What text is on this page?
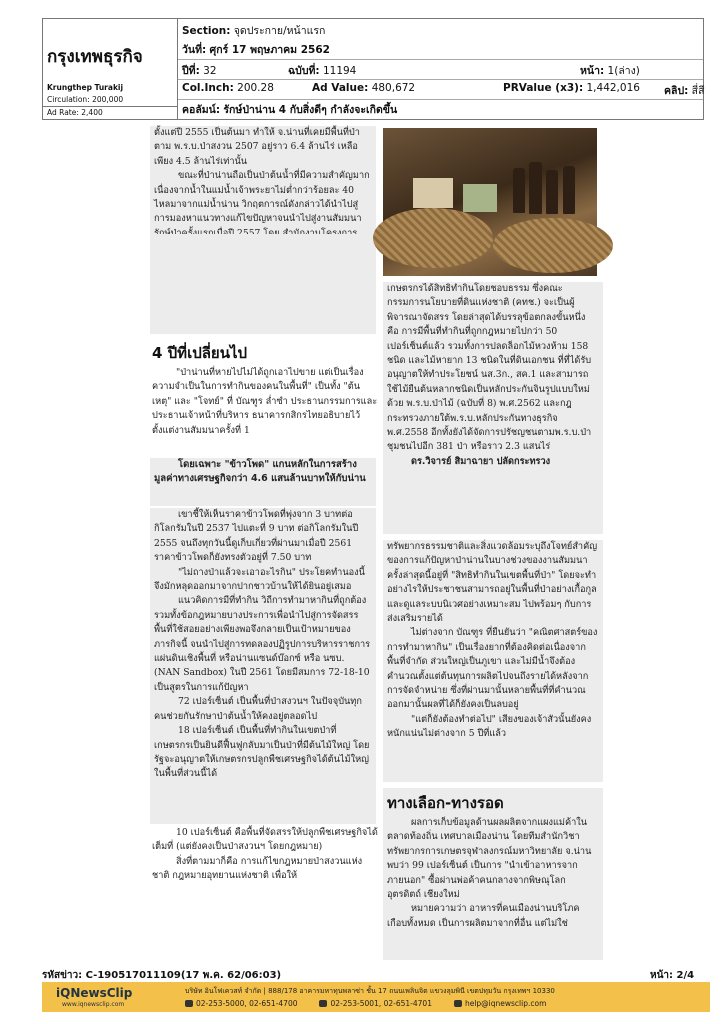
กรุงเทพธุรกิจ
Krungthep Turakij
Circulation: 200,000
Ad Rate: 2,400
Section: จุดประกาย/หน้าแรก
วันที่: ศุกร์ 17 พฤษภาคม 2562
ปีที่: 32	ฉบับที่: 11194	หน้า: 1(ล่าง)
Col.Inch: 200.28	Ad Value: 480,672	PRValue (x3): 1,442,016 คลิป: สี่สี
คอลัมน์: รักษ์ป่าน่าน 4 กับสิ่งดีๆ กำลังจะเกิดขึ้น

ตั้งแต่ปี 2555 เป็นต้นมา ทำให้ จ.น่านที่เคยมีพื้นที่ป่าตาม พ.ร.บ.ป่าสงวน 2507 อยู่ราว 6.4 ล้านไร่ เหลือเพียง 4.5 ล้านไร่เท่านั้น

ขณะที่ป่าน่านถือเป็นป่าต้นน้ำที่มีความสำคัญมาก เนื่องจากน้ำในแม่น้ำเจ้าพระยาไม่ต่ำกว่าร้อยละ 40 ไหลมาจากแม่น้ำน่าน วิกฤตการณ์ดังกล่าวได้นำไปสู่การมองหาแนวทางแก้ไขปัญหาจนนำไปสู่งานสัมมนา

4 ปีที่เปลี่ยนไป

"ป่าน่านที่หายไปไม่ได้ถูกเอาไปขาย แต่เป็นเรื่องความจำเป็นในการทำกินของคนในพื้นที่" เป็นทั้ง "ต้นเหตุ" และ "โจทย์" ที่ บัณฑูร ล่ำซำ ประธานกรรมการและประธานเจ้าหน้าที่บริหาร ธนาคารกสิกรไทยอธิบายไว้ตั้งแต่งานสัมมนาครั้งที่ 1

โดยเฉพาะ "ข้าวโพด" แกนหลักในการสร้างมูลค่าทางเศรษฐกิจกว่า 4.6 แสนล้านบาทให้กับน่าน

เขาชี้ให้เห็นราคาข้าวโพดที่พุ่งจาก 3 บาทต่อกิโลกรัมในปี 2537 ไปแตะที่ 9 บาท ต่อกิโลกรัมในปี 2555 จนถึงทุกวันนี้ดูเก็บเกี่ยวที่ผ่านมาเมื่อปี 2561 ราคาข้าวโพดก็ยังทรงตัวอยู่ที่ 7.50 บาท

"ไม่ถางป่าแล้วจะเอาอะไรกิน" ประโยคทำนองนี้จึงมักหลุดออกมาจากปากชาวบ้านให้ได้ยินอยู่เสมอ

แนวคิดการมีที่ทำกิน วิถีการทำมาหากินที่ถูกต้อง รวมทั้งข้อกฎหมายบางประการเพื่อนำไปสู่การจัดสรรพื้นที่ใช้สอยอย่างเพียงพอจึงกลายเป็นเป้าหมายของภารกิจนี้ จนนำไปสู่การทดลองปฏิรูปการบริหารราชการแผ่นดินเชิงพื้นที่ หรือน่านแซนด์บ๊อกซ์ หรือ นซบ. (NAN Sandbox) ในปี 2561 โดยมีสมการ 72-18-10 เป็นสูตรในการแก้ปัญหา

72 เปอร์เซ็นต์ เป็นพื้นที่ป่าสงวนฯ ในปัจจุบันทุกคนช่วยกันรักษาป่าต้นน้ำให้คงอยู่ตลอดไป

18 เปอร์เซ็นต์ เป็นพื้นที่ทำกินในเขตป่าที่เกษตรกรเป็นยินดีฟื้นฟูกลับมาเป็นป่าที่มีต้นไม้ใหญ่ โดยรัฐจะอนุญาตให้เกษตรกรปลูกพืชเศรษฐกิจได้ต้นไม้ใหญ่ในพื้นที่ส่วนนี้ได้

10 เปอร์เซ็นต์ คือพื้นที่จัดสรรให้ปลูกพืชเศรษฐกิจได้เต็มที่ (แต่ยังคงเป็นป่าสงวนฯ โดยกฎหมาย)

สิ่งที่ตามมาก็คือ การแก้ไขกฎหมายป่าสงวนแห่งชาติ กฎหมายอุทยานแห่งชาติ เพื่อให้

เกษตรกรได้สิทธิทำกินโดยชอบธรรม ซึ่งคณะกรรมการนโยบายที่ดินแห่งชาติ (คทช.) จะเป็นผู้พิจารณาจัดสรร โดยล่าสุดได้บรรลุข้อตกลงขั้นหนึ่ง คือ การมีพื้นที่ทำกินที่ถูกกฎหมายไปกว่า 50 เปอร์เซ็นต์แล้ว รวมทั้งการปลดล็อกไม้หวงห้าม 158 ชนิด และไม้หายาก 13 ชนิดในที่ดินเอกชน ที่ที่ได้รับอนุญาตให้ทำประโยชน์ นส.3ก., สค.1 และสามารถใช้ไม้ยืนต้นหลากชนิดเป็นหลักประกันจินรูปแบบใหม่ด้วย พ.ร.บ.ป่าไม้ (ฉบับที่ 8) พ.ศ.2562 และกฎกระทรวงภายใต้พ.ร.บ.หลักประกันทางธุรกิจ พ.ศ.2558 อีกทั้งยังได้จัดการปรัชญชนตามพ.ร.บ.ป่าชุมชนไปอีก 381 ป่า หรือราว 2.3 แสนไร่

ดร.วิจารย์ สิมาฉายา ปลัดกระทรวง

ทรัพยากรธรรมชาติและสิ่งแวดล้อมระบุถึงโจทย์สำคัญของการแก้ปัญหาป่าน่านในบางช่วงของงานสัมมนาครั้งล่าสุดนี้อยู่ที่ "สิทธิทำกินในเขตพื้นที่ป่า" โดยจะทำอย่างไรให้ประชาชนสามารถอยู่ในพื้นที่ป่าอย่างเกื้อกูล และดูแลระบบนิเวศอย่างเหมาะสม ไปพร้อมๆ กับการส่งเสริมรายได้

ไม่ต่างจาก บัณฑูร ที่ยืนยันว่า "คณิตศาสตร์ของการทำมาหากิน" เป็นเรื่องยากที่ต้องคิดต่อเนื่องจากพื้นที่จำกัด ส่วนใหญ่เป็นภูเขา และไม่มีน้ำจึงต้องคำนวณตั้งแต่ต้นทุนการผลิตไปจนถึงรายได้หลังจากการจัดจำหน่าย ซึ่งที่ผ่านมานั้นหลายพื้นที่ที่คำนวณออกมานั้นผลที่ได้ก็ยังคงเป็นลบอยู่

"แต่ก็ยังต้องทำต่อไป" เสียงของเจ้าสัวนั้นยังคงหนักแน่นไม่ต่างจาก 5 ปีที่แล้ว

ทางเลือก-ทางรอด

ผลการเก็บข้อมูลด้านผลผลิตจากแผงแม่ค้าในตลาดท้องถิ่น เทศบาลเมืองน่าน โดยทีมสำนักวิชาทรัพยากรการเกษตรจุฬาลงกรณ์มหาวิทยาลัย จ.น่าน พบว่า 99 เปอร์เซ็นต์ เป็นการ "นำเข้าอาหารจากภายนอก" ซื้อผ่านพ่อค้าคนกลางจากพิษณุโลก อุตรดิตถ์ เชียงใหม่

หมายความว่า อาหารที่คนเมืองน่านบริโภคเกือบทั้งหมด เป็นการผลิตมาจากที่อื่น แต่ไม่ใช่

รหัสข่าว: C-190517011109(17 พ.ค. 62/06:03)	หน้า: 2/4
iQNewsClip
www.iqnewsclip.com
บริษัท อินโฟเควสท์ จำกัด | 888/178 อาคารมหาทุนพลาซ่า ชั้น 17 ถนนเพลินจิต แขวงลุมพินี เขตปทุมวัน กรุงเทพฯ 10330
02-253-5000, 02-651-4700	02-253-5001, 02-651-4701	help@iqnewsclip.com
